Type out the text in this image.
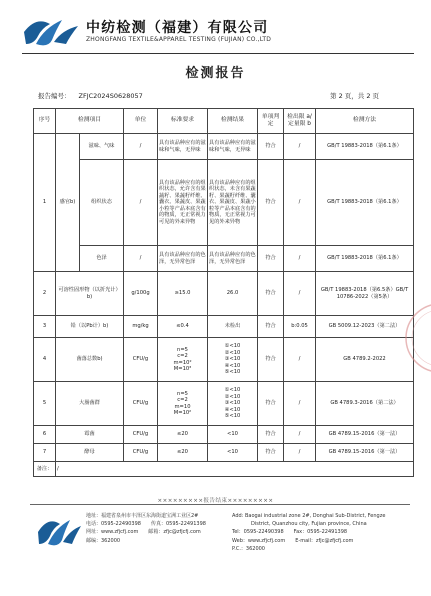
中纺检测（福建）有限公司
ZHONGFANG TEXTILE&APPAREL TESTING (FUJIAN) CO.,LTD
检测报告
报告编号： ZFJC2024S0628057	第 2 页，共 2 页
序号	检测项目		单位	标准要求	检测结果	单项判定	检出限 a/定量限 b	检测方法
1	感官b)	滋味、气味	/	具有该品种应有的滋味和气味，无异味	具有该品种应有的滋味和气味，无异味	符合	/	GB/T 19883-2018（第6.1条）
		组织状态	/	具有该品种应有的组织状态，允许含有果蔬籽、果蔬籽纤维、囊衣、果蔬皮、果蔬小粒等产品本底含有的物质，无正常视力可见的外来异物	具有该品种应有的组织状态，未含有果蔬籽、果蔬籽纤维、囊衣、果蔬皮、果蔬小粒等产品本底含有的物质，无正常视力可见的外来异物	符合	/	GB/T 19883-2018（第6.1条）
		色泽	/	具有该品种应有的色泽，无异常色泽	具有该品种应有的色泽，无异常色泽	符合	/	GB/T 19883-2018（第6.1条）
2	可溶性固形物（以折光计）b)		g/100g	≥15.0	26.0	符合	/	GB/T 19883-2018（第6.5条）GB/T 10786-2022（第5条）
3	铅（以Pb计）b)		mg/kg	≤0.4	未检出	符合	b:0.05	GB 5009.12-2023（第二法）
4	菌落总数b)		CFU/g	n=5
c=2
m=10²
M=10³	①<10
②<10
③<10
④<10
⑤<10	符合	/	GB 4789.2-2022
5	大肠菌群		CFU/g	n=5
c=2
m=10
M=10²	①<10
②<10
③<10
④<10
⑤<10	符合	/	GB 4789.3-2016（第二法）
6	霉菌		CFU/g	≤20	<10	符合	/	GB 4789.15-2016（第一法）
7	酵母		CFU/g	≤20	<10	符合	/	GB 4789.15-2016（第一法）
备注：	/							
×××××××××报告结束×××××××××
地址：福建省泉州市丰泽区东海街道宝洲工业区2#
电话：0595-22490398　　传真：0595-22491398
网址：www.zfjcfj.com　　邮箱：zfjc@zfjcfj.com
邮编：362000
Add: Baogai industrial zone 2#, Donghai Sub-District, Fengze
District, Quanzhou city, Fujian province, China
Tel：0595-22490398　　Fax：0595-22491398
Web：www.zfjcfj.com　　E-mail：zfjc@zfjcfj.com
P.C.：362000
